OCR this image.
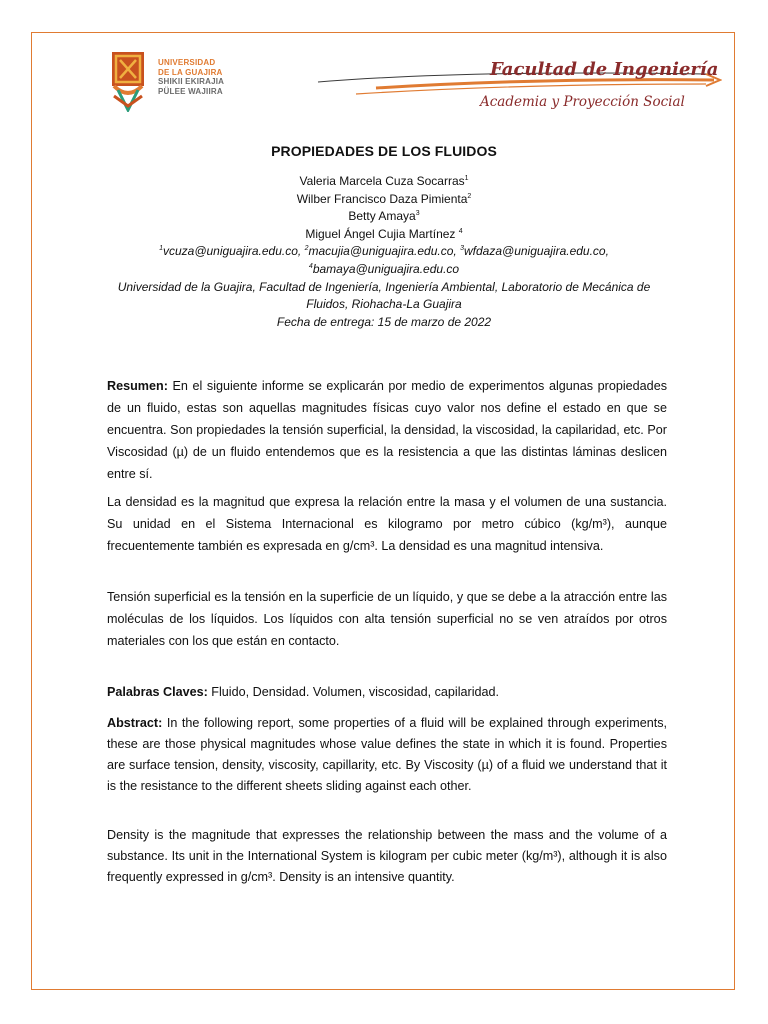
UNIVERSIDAD
DE LA GUAJIRA
SHIKII EKIRAJIA
PÜLEE WAJIIRA
Facultad de Ingeniería
Academia y Proyección Social
PROPIEDADES DE LOS FLUIDOS
Valeria Marcela Cuza Socarras$^1$
Wilber Francisco Daza Pimienta$^2$
Betty Amaya$^3$
Miguel Ángel Cujia Martínez $^4$
$^1$vcuza@uniguajira.edu.co, $^2$macujia@uniguajira.edu.co, $^3$wfdaza@uniguajira.edu.co,
$^4$bamaya@uniguajira.edu.co
Universidad de la Guajira, Facultad de Ingeniería, Ingeniería Ambiental, Laboratorio de Mecánica de Fluidos, Riohacha-La Guajira
Fecha de entrega: 15 de marzo de 2022

Resumen: En el siguiente informe se explicarán por medio de experimentos algunas propiedades de un fluido, estas son aquellas magnitudes físicas cuyo valor nos define el estado en que se encuentra. Son propiedades la tensión superficial, la densidad, la viscosidad, la capilaridad, etc. Por Viscosidad (µ) de un fluido entendemos que es la resistencia a que las distintas láminas deslicen entre sí.

La densidad es la magnitud que expresa la relación entre la masa y el volumen de una sustancia. Su unidad en el Sistema Internacional es kilogramo por metro cúbico (kg/m³), aunque frecuentemente también es expresada en g/cm³. La densidad es una magnitud intensiva.

Tensión superficial es la tensión en la superficie de un líquido, y que se debe a la atracción entre las moléculas de los líquidos. Los líquidos con alta tensión superficial no se ven atraídos por otros materiales con los que están en contacto.

Palabras Claves: Fluido, Densidad. Volumen, viscosidad, capilaridad.

Abstract: In the following report, some properties of a fluid will be explained through experiments, these are those physical magnitudes whose value defines the state in which it is found. Properties are surface tension, density, viscosity, capillarity, etc. By Viscosity (µ) of a fluid we understand that it is the resistance to the different sheets sliding against each other.

Density is the magnitude that expresses the relationship between the mass and the volume of a substance. Its unit in the International System is kilogram per cubic meter (kg/m³), although it is also frequently expressed in g/cm³. Density is an intensive quantity.
